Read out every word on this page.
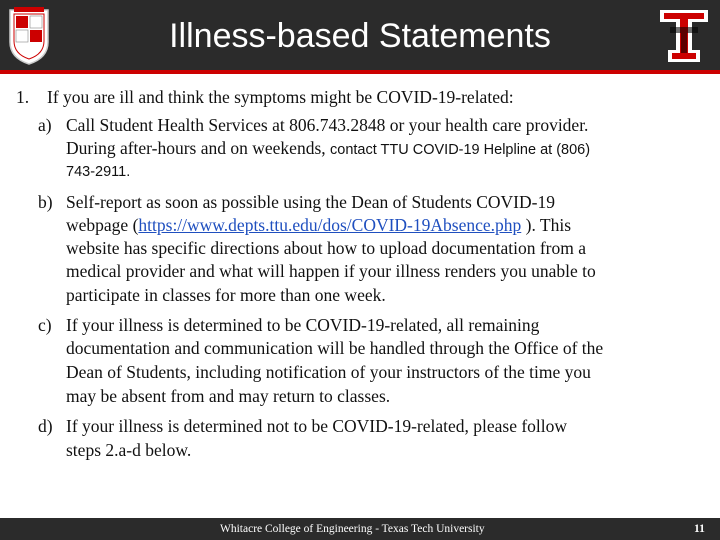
Illness-based Statements
1. If you are ill and think the symptoms might be COVID-19-related:
a) Call Student Health Services at 806.743.2848 or your health care provider.
During after-hours and on weekends, contact TTU COVID-19 Helpline at (806)
743-2911.
b) Self-report as soon as possible using the Dean of Students COVID-19
webpage (https://www.depts.ttu.edu/dos/COVID-19Absence.php ). This
website has specific directions about how to upload documentation from a
medical provider and what will happen if your illness renders you unable to
participate in classes for more than one week.
c) If your illness is determined to be COVID-19-related, all remaining
documentation and communication will be handled through the Office of the
Dean of Students, including notification of your instructors of the time you
may be absent from and may return to classes.
d) If your illness is determined not to be COVID-19-related, please follow
steps 2.a-d below.
Whitacre College of Engineering - Texas Tech University	11
